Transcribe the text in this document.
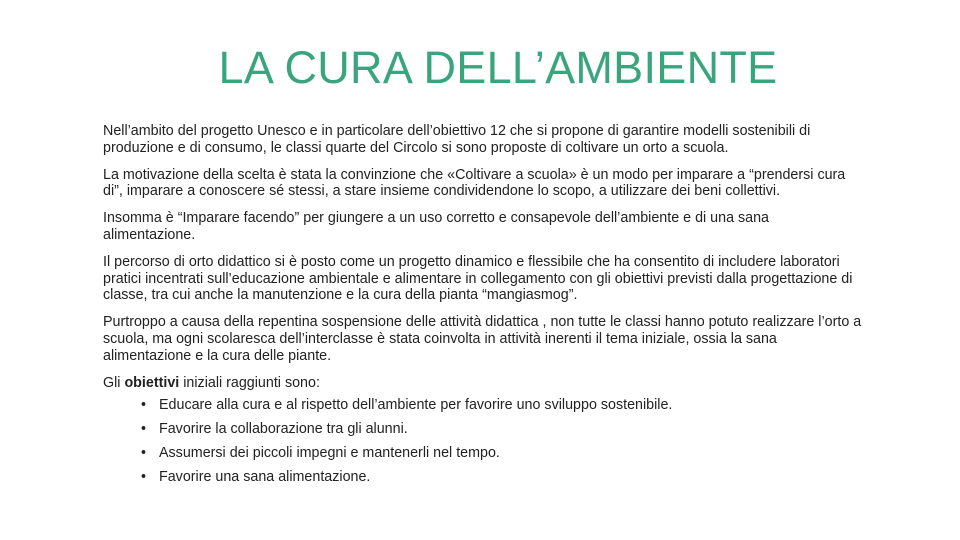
LA CURA DELL’AMBIENTE

Nell’ambito del progetto Unesco e in particolare dell’obiettivo 12 che si propone di garantire modelli sostenibili di produzione e di consumo, le classi quarte del Circolo si sono proposte di coltivare un orto a scuola.

La motivazione della scelta è stata la convinzione che «Coltivare a scuola» è un modo per imparare a “prendersi cura di”, imparare a conoscere sé stessi, a stare insieme condividendone lo scopo, a utilizzare dei beni collettivi.

Insomma è “Imparare facendo” per giungere a un uso corretto e consapevole dell’ambiente e di una sana alimentazione.

Il percorso di orto didattico si è posto come un progetto dinamico e flessibile che ha consentito di includere laboratori pratici incentrati sull’educazione ambientale e alimentare in collegamento con gli obiettivi previsti dalla progettazione di classe, tra cui anche la manutenzione e la cura della pianta “mangiasmog”.

Purtroppo a causa della repentina sospensione delle attività didattica , non tutte le classi hanno potuto realizzare l’orto a scuola, ma ogni scolaresca dell’interclasse è stata coinvolta in attività inerenti il tema iniziale, ossia la sana alimentazione e la cura delle piante.

Gli obiettivi iniziali raggiunti sono:

• Educare alla cura e al rispetto dell’ambiente per favorire uno sviluppo sostenibile.
• Favorire la collaborazione tra gli alunni.
• Assumersi dei piccoli impegni e mantenerli nel tempo.
• Favorire una sana alimentazione.
